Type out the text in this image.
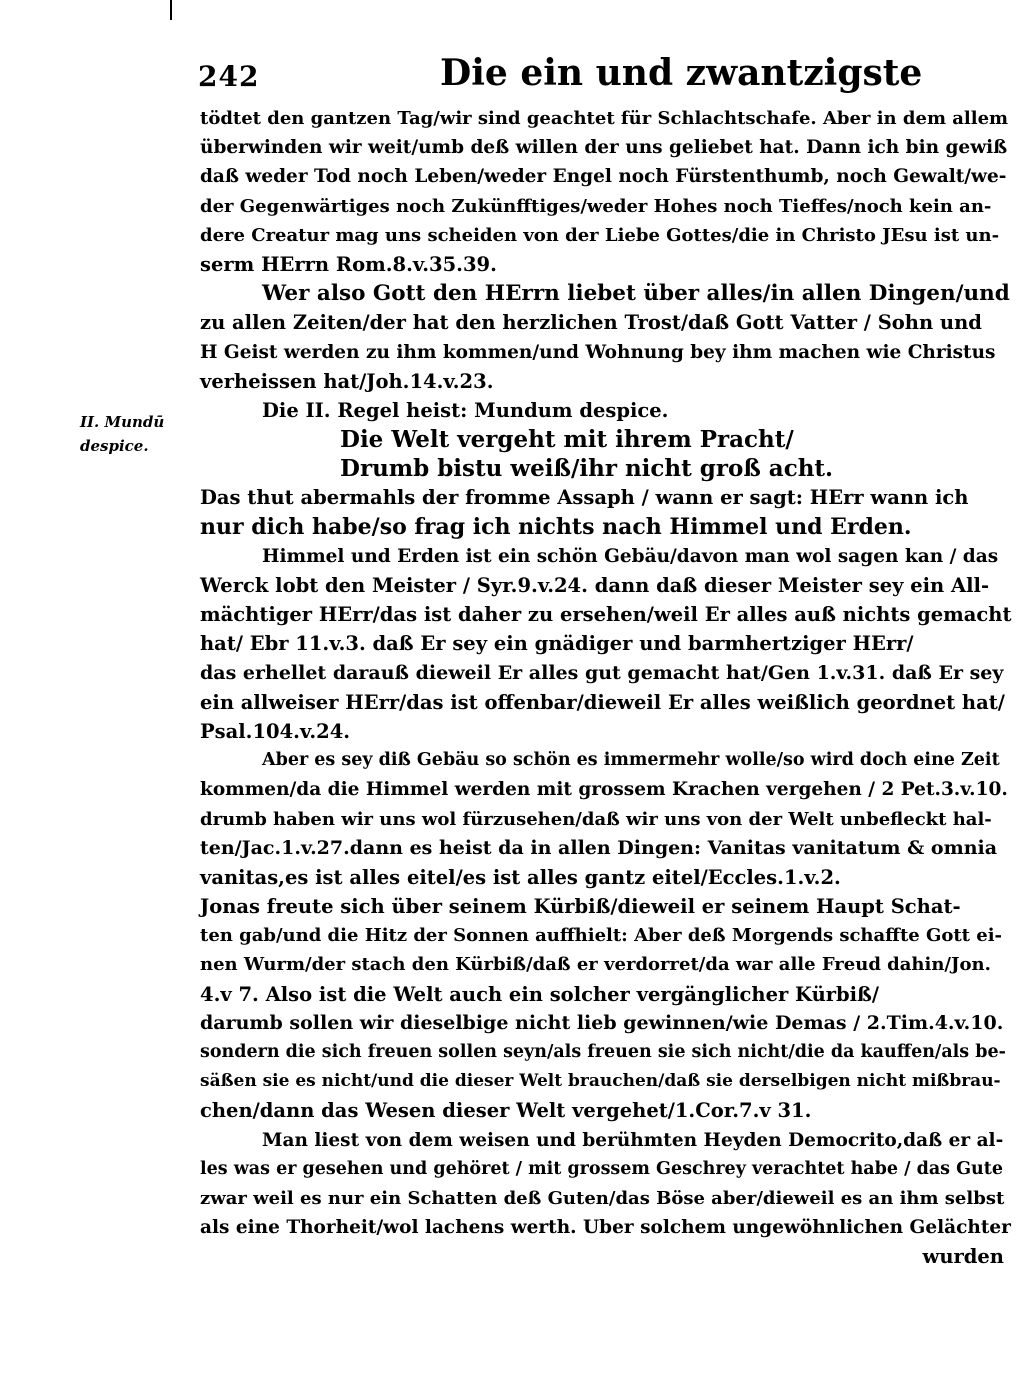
242	Die ein und zwantzigste
II. Mundū
despice.
tödtet den gantzen Tag/wir sind geachtet für Schlachtschafe. Aber in dem allem
überwinden wir weit/umb deß willen der uns geliebet hat. Dann ich bin gewiß
daß weder Tod noch Leben/weder Engel noch Fürstenthumb, noch Gewalt/we-
der Gegenwärtiges noch Zukünfftiges/weder Hohes noch Tieffes/noch kein an-
dere Creatur mag uns scheiden von der Liebe Gottes/die in Christo JEsu ist un-
serm HErrn Rom.8.v.35.39.
Wer also Gott den HErrn liebet über alles/in allen Dingen/und
zu allen Zeiten/der hat den herzlichen Trost/daß Gott Vatter / Sohn und
H Geist werden zu ihm kommen/und Wohnung bey ihm machen wie Christus
verheissen hat/Joh.14.v.23.
Die II. Regel heist: Mundum despice.
Die Welt vergeht mit ihrem Pracht/
Drumb bistu weiß/ihr nicht groß acht.
Das thut abermahls der fromme Assaph / wann er sagt: HErr wann ich
nur dich habe/so frag ich nichts nach Himmel und Erden.
Himmel und Erden ist ein schön Gebäu/davon man wol sagen kan / das
Werck lobt den Meister / Syr.9.v.24. dann daß dieser Meister sey ein All-
mächtiger HErr/das ist daher zu ersehen/weil Er alles auß nichts gemacht
hat/ Ebr 11.v.3. daß Er sey ein gnädiger und barmhertziger HErr/
das erhellet darauß dieweil Er alles gut gemacht hat/Gen 1.v.31. daß Er sey
ein allweiser HErr/das ist offenbar/dieweil Er alles weißlich geordnet hat/
Psal.104.v.24.
Aber es sey diß Gebäu so schön es immermehr wolle/so wird doch eine Zeit
kommen/da die Himmel werden mit grossem Krachen vergehen / 2 Pet.3.v.10.
drumb haben wir uns wol fürzusehen/daß wir uns von der Welt unbefleckt hal-
ten/Jac.1.v.27.dann es heist da in allen Dingen: Vanitas vanitatum & omnia
vanitas,es ist alles eitel/es ist alles gantz eitel/Eccles.1.v.2.
Jonas freute sich über seinem Kürbiß/dieweil er seinem Haupt Schat-
ten gab/und die Hitz der Sonnen auffhielt: Aber deß Morgends schaffte Gott ei-
nen Wurm/der stach den Kürbiß/daß er verdorret/da war alle Freud dahin/Jon.
4.v 7. Also ist die Welt auch ein solcher vergänglicher Kürbiß/
darumb sollen wir dieselbige nicht lieb gewinnen/wie Demas / 2.Tim.4.v.10.
sondern die sich freuen sollen seyn/als freuen sie sich nicht/die da kauffen/als be-
säßen sie es nicht/und die dieser Welt brauchen/daß sie derselbigen nicht mißbrau-
chen/dann das Wesen dieser Welt vergehet/1.Cor.7.v 31.
Man liest von dem weisen und berühmten Heyden Democrito,daß er al-
les was er gesehen und gehöret / mit grossem Geschrey verachtet habe / das Gute
zwar weil es nur ein Schatten deß Guten/das Böse aber/dieweil es an ihm selbst
als eine Thorheit/wol lachens werth. Uber solchem ungewöhnlichen Gelächter
wurden
